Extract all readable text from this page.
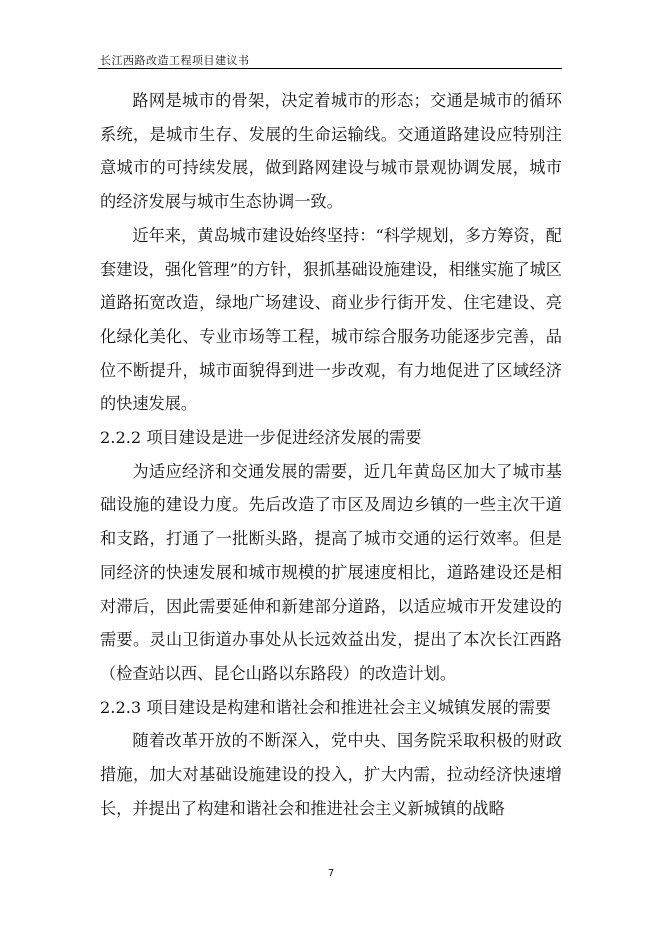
长江西路改造工程项目建议书

路网是城市的骨架，决定着城市的形态；交通是城市的循环系统，是城市生存、发展的生命运输线。交通道路建设应特别注意城市的可持续发展，做到路网建设与城市景观协调发展，城市的经济发展与城市生态协调一致。

近年来，黄岛城市建设始终坚持：“科学规划，多方筹资，配套建设，强化管理”的方针，狠抓基础设施建设，相继实施了城区道路拓宽改造，绿地广场建设、商业步行街开发、住宅建设、亮化绿化美化、专业市场等工程，城市综合服务功能逐步完善，品位不断提升，城市面貌得到进一步改观，有力地促进了区域经济的快速发展。

2.2.2 项目建设是进一步促进经济发展的需要

为适应经济和交通发展的需要，近几年黄岛区加大了城市基础设施的建设力度。先后改造了市区及周边乡镇的一些主次干道和支路，打通了一批断头路，提高了城市交通的运行效率。但是同经济的快速发展和城市规模的扩展速度相比，道路建设还是相对滞后，因此需要延伸和新建部分道路，以适应城市开发建设的需要。灵山卫街道办事处从长远效益出发，提出了本次长江西路（检查站以西、昆仑山路以东路段）的改造计划。

2.2.3 项目建设是构建和谐社会和推进社会主义城镇发展的需要

随着改革开放的不断深入，党中央、国务院采取积极的财政措施，加大对基础设施建设的投入，扩大内需，拉动经济快速增长，并提出了构建和谐社会和推进社会主义新城镇的战略

7
